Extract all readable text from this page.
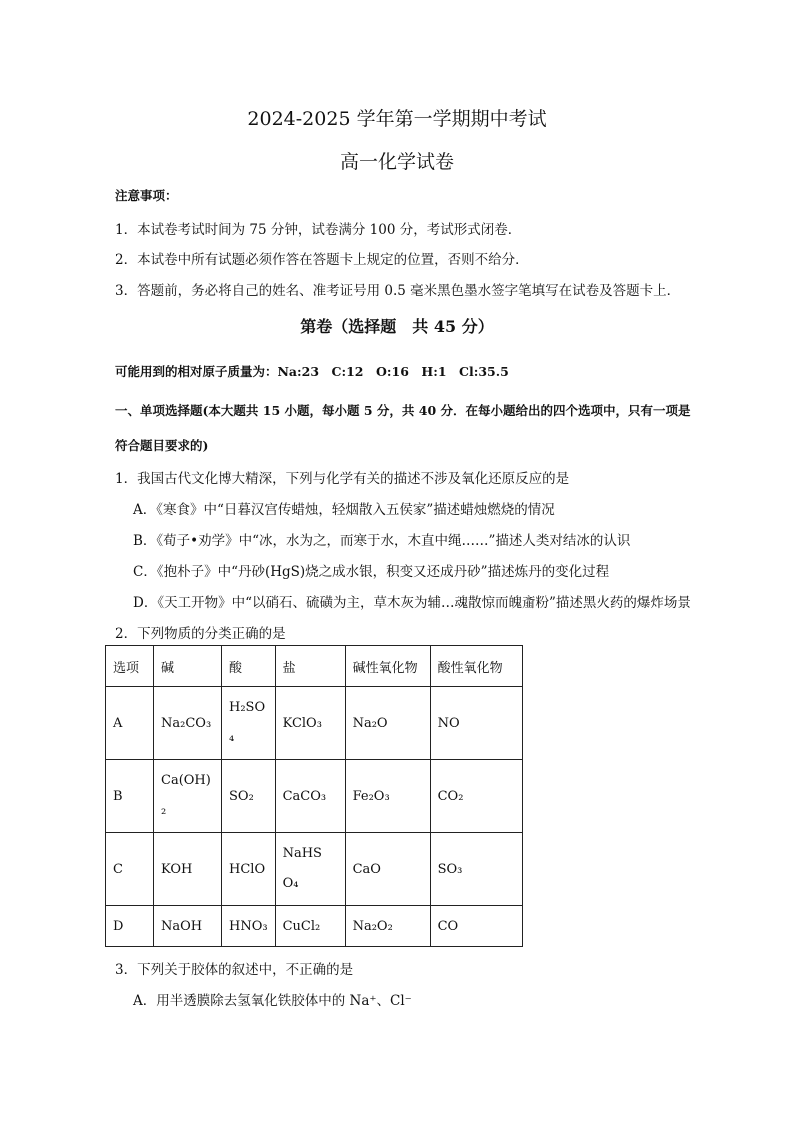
2024-2025 学年第一学期期中考试
高一化学试卷
注意事项：
1．本试卷考试时间为 75 分钟，试卷满分 100 分，考试形式闭卷．
2．本试卷中所有试题必须作答在答题卡上规定的位置，否则不给分．
3．答题前，务必将自己的姓名、准考证号用 0.5 毫米黑色墨水签字笔填写在试卷及答题卡上．
第卷（选择题　共 45 分）
可能用到的相对原子质量为：Na:23　C:12　O:16　H:1　Cl:35.5
一、单项选择题(本大题共 15 小题，每小题 5 分，共 40 分．在每小题给出的四个选项中，只有一项是
符合题目要求的)
1．我国古代文化博大精深，下列与化学有关的描述不涉及氧化还原反应的是
A．《寒食》中“日暮汉宫传蜡烛，轻烟散入五侯家”描述蜡烛燃烧的情况
B．《荀子•劝学》中“冰，水为之，而寒于水，木直中绳……”描述人类对结冰的认识
C．《抱朴子》中“丹砂(HgS)烧之成水银，积变又还成丹砂”描述炼丹的变化过程
D．《天工开物》中“以硝石、硫磺为主，草木灰为辅…魂散惊而魄齑粉”描述黑火药的爆炸场景
2．下列物质的分类正确的是
选项	碱	酸	盐	碱性氧化物	酸性氧化物
A	Na₂CO₃	H₂SO₄	KClO₃	Na₂O	NO
B	Ca(OH)₂	SO₂	CaCO₃	Fe₂O₃	CO₂
C	KOH	HClO	NaHSO₄	CaO	SO₃
D	NaOH	HNO₃	CuCl₂	Na₂O₂	CO
3．下列关于胶体的叙述中，不正确的是
A．用半透膜除去氢氧化铁胶体中的 Na⁺、Cl⁻
